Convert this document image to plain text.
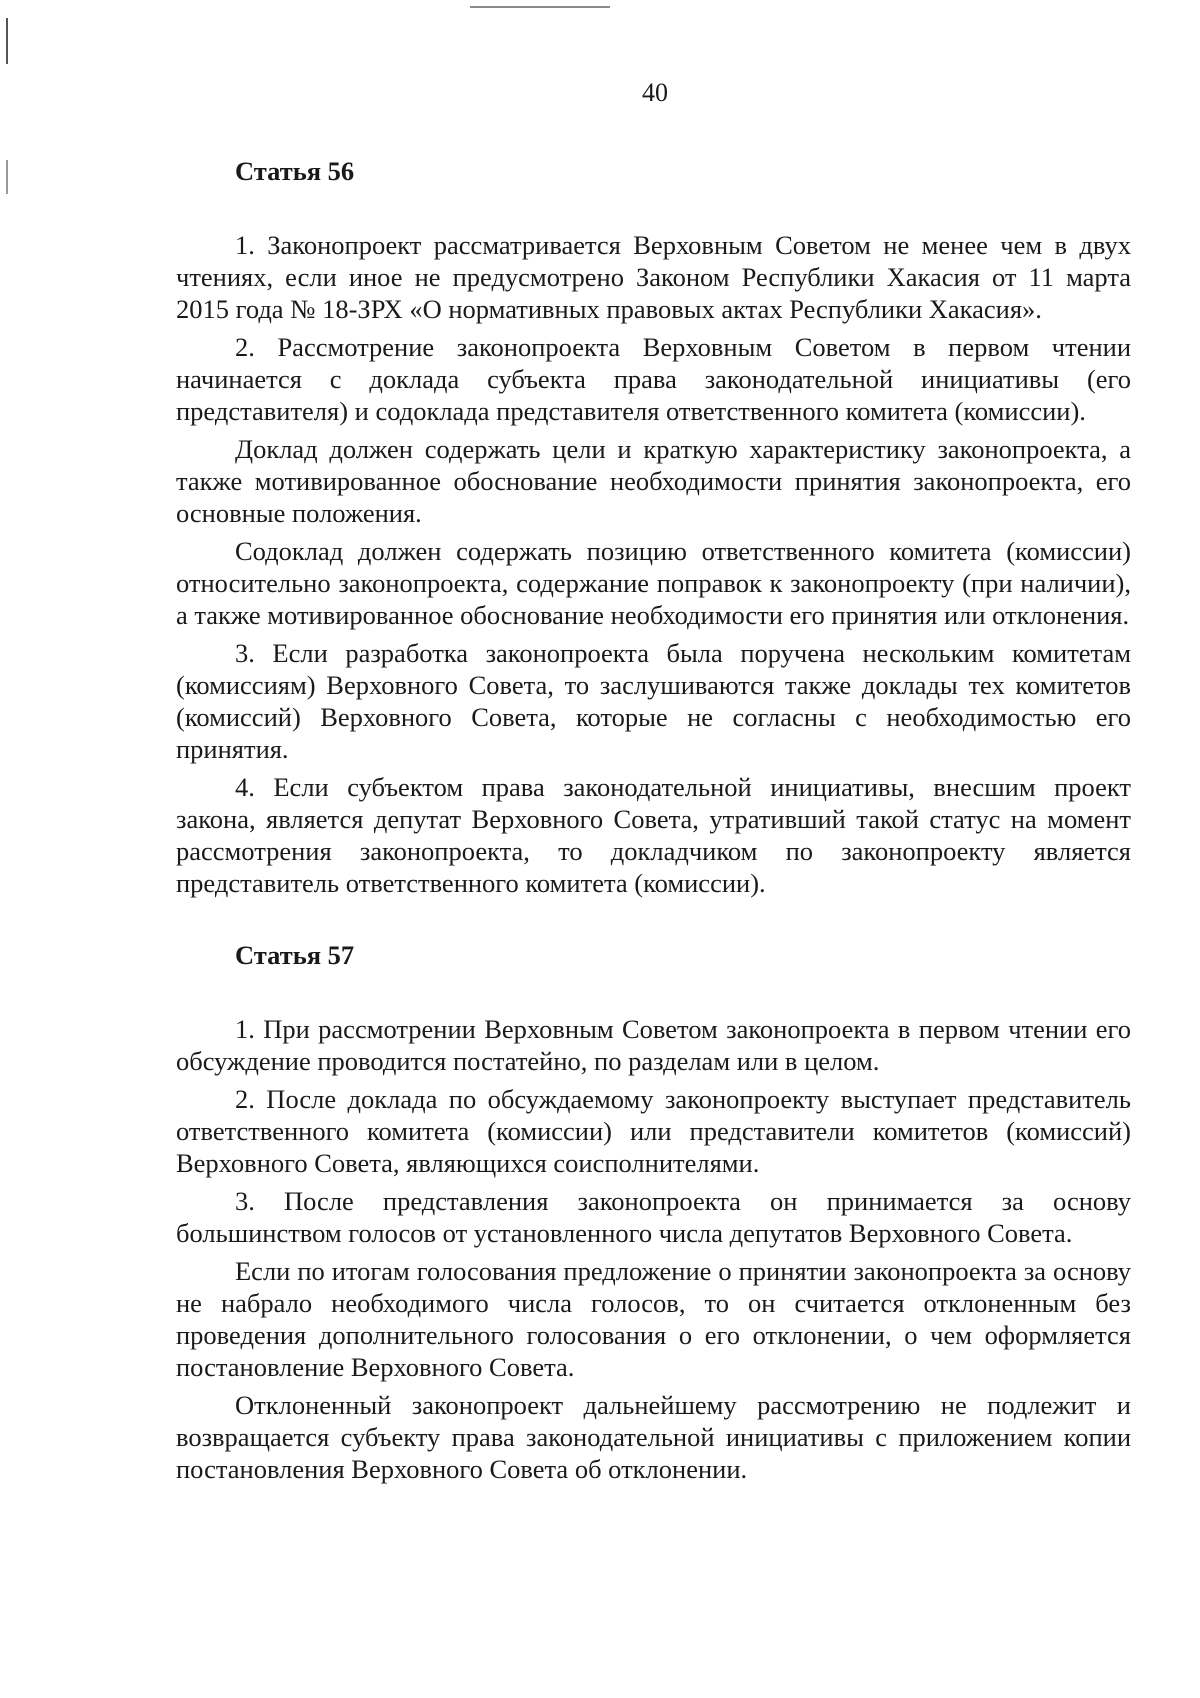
40
Статья 56

1. Законопроект рассматривается Верховным Советом не менее чем в двух чтениях, если иное не предусмотрено Законом Республики Хакасия от 11 марта 2015 года № 18-ЗРХ «О нормативных правовых актах Республики Хакасия».

2. Рассмотрение законопроекта Верховным Советом в первом чтении начинается с доклада субъекта права законодательной инициативы (его представителя) и содоклада представителя ответственного комитета (комиссии).

Доклад должен содержать цели и краткую характеристику законопроекта, а также мотивированное обоснование необходимости принятия законопроекта, его основные положения.

Содоклад должен содержать позицию ответственного комитета (комиссии) относительно законопроекта, содержание поправок к законопроекту (при наличии), а также мотивированное обоснование необходимости его принятия или отклонения.

3. Если разработка законопроекта была поручена нескольким комитетам (комиссиям) Верховного Совета, то заслушиваются также доклады тех комитетов (комиссий) Верховного Совета, которые не согласны с необходимостью его принятия.

4. Если субъектом права законодательной инициативы, внесшим проект закона, является депутат Верховного Совета, утративший такой статус на момент рассмотрения законопроекта, то докладчиком по законопроекту является представитель ответственного комитета (комиссии).

Статья 57

1. При рассмотрении Верховным Советом законопроекта в первом чтении его обсуждение проводится постатейно, по разделам или в целом.

2. После доклада по обсуждаемому законопроекту выступает представитель ответственного комитета (комиссии) или представители комитетов (комиссий) Верховного Совета, являющихся соисполнителями.

3. После представления законопроекта он принимается за основу большинством голосов от установленного числа депутатов Верховного Совета.

Если по итогам голосования предложение о принятии законопроекта за основу не набрало необходимого числа голосов, то он считается отклоненным без проведения дополнительного голосования о его отклонении, о чем оформляется постановление Верховного Совета.

Отклоненный законопроект дальнейшему рассмотрению не подлежит и возвращается субъекту права законодательной инициативы с приложением копии постановления Верховного Совета об отклонении.
